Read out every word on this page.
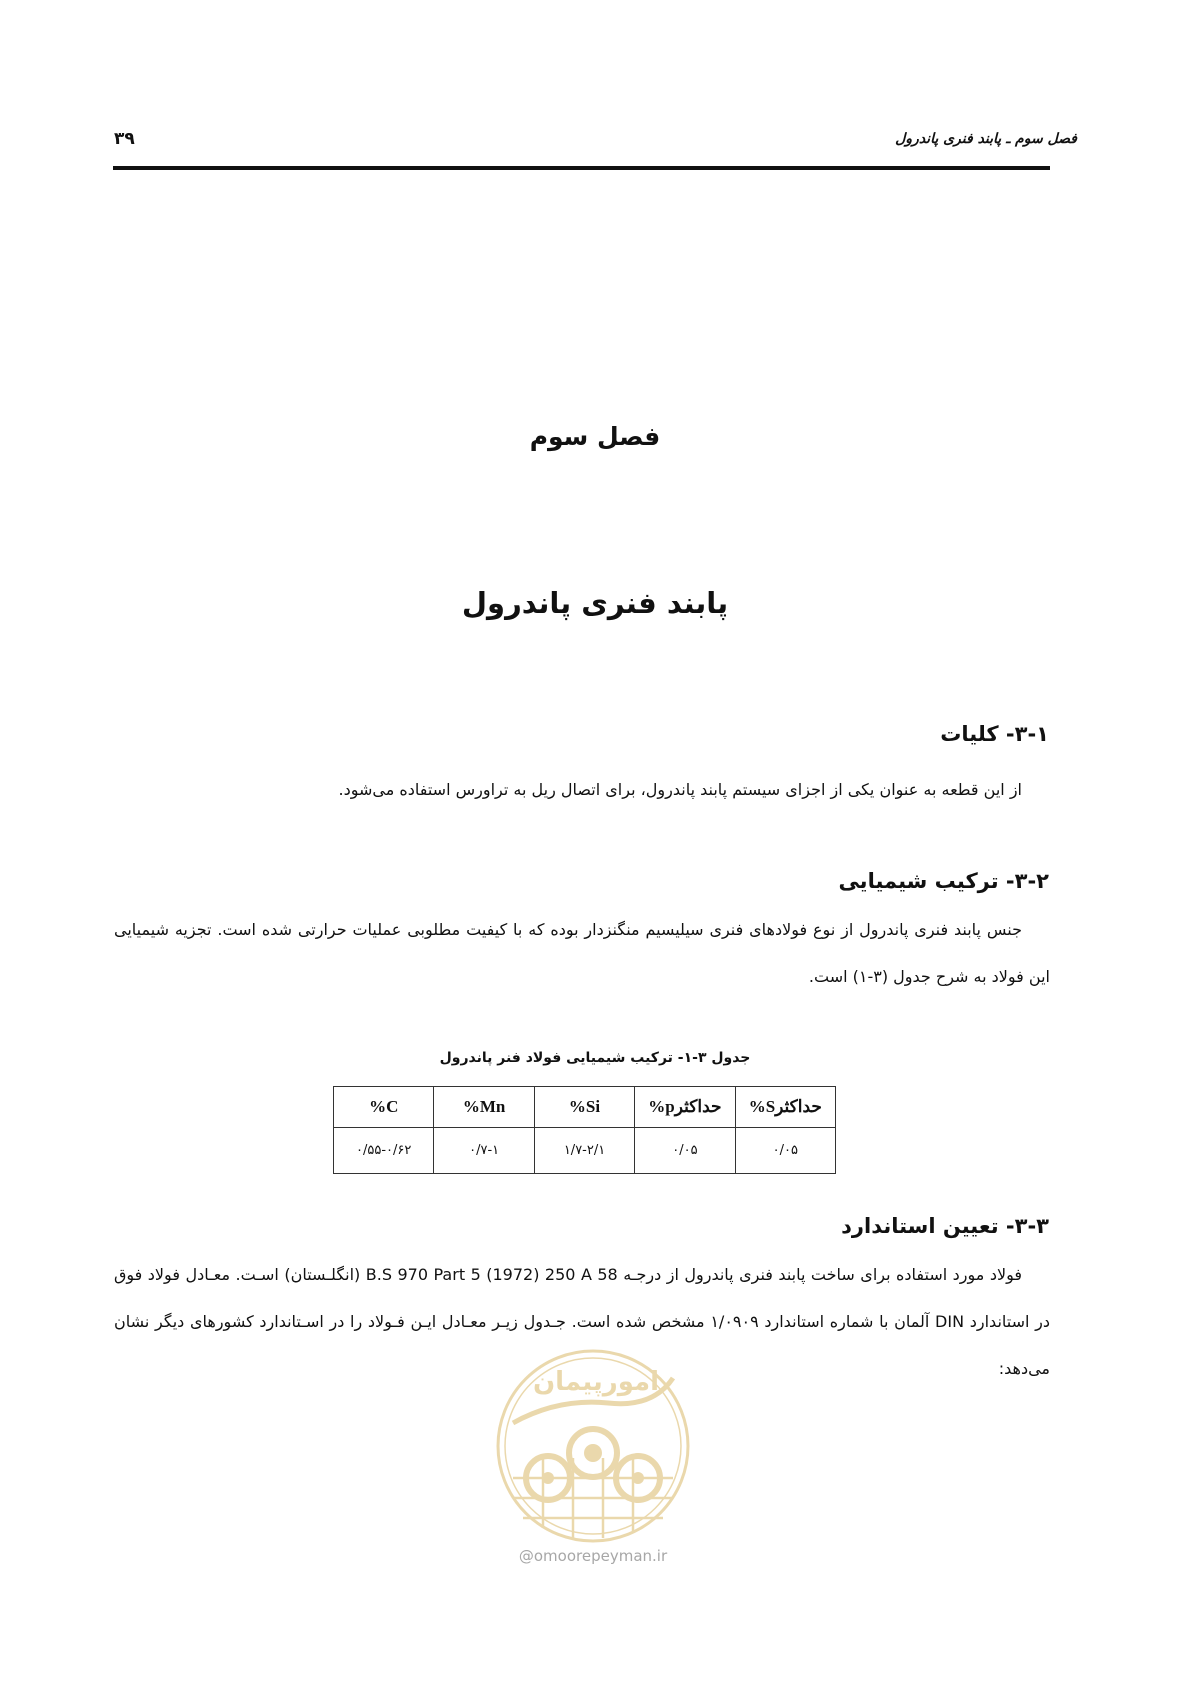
فصل سوم ـ پابند فنری پاندرول
۳۹
فصل سوم
پابند فنری پاندرول
۳-۱- کلیات
از این قطعه به عنوان یکی از اجزای سیستم پابند پاندرول، برای اتصال ریل به تراورس استفاده می‌شود.
۳-۲- ترکیب شیمیایی
جنس پابند فنری پاندرول از نوع فولادهای فنری سیلیسیم منگنزدار بوده که با کیفیت مطلوبی عملیات حرارتی شده است. تجزیه شیمیایی این فولاد به شرح جدول (۳-۱) است.
جدول ۳-۱- ترکیب شیمیایی فولاد فنر پاندرول
حداکثرS%	حداکثرp%	%Si	%Mn	%C
۰/۰۵	۰/۰۵	۱/۷-۲/۱	۰/۷-۱	۰/۵۵-۰/۶۲
۳-۳- تعیین استاندارد
فولاد مورد استفاده برای ساخت پابند فنری پاندرول از درجـه B.S 970 Part 5 (1972) 250 A 58 (انگلـستان) اسـت. معـادل فولاد فوق در استاندارد DIN آلمان با شماره استاندارد ۱/۰۹۰۹ مشخص شده است. جـدول زیـر معـادل ایـن فـولاد را در اسـتاندارد کشورهای دیگر نشان می‌دهد:
امورپیمان
@omoorepeyman.ir
